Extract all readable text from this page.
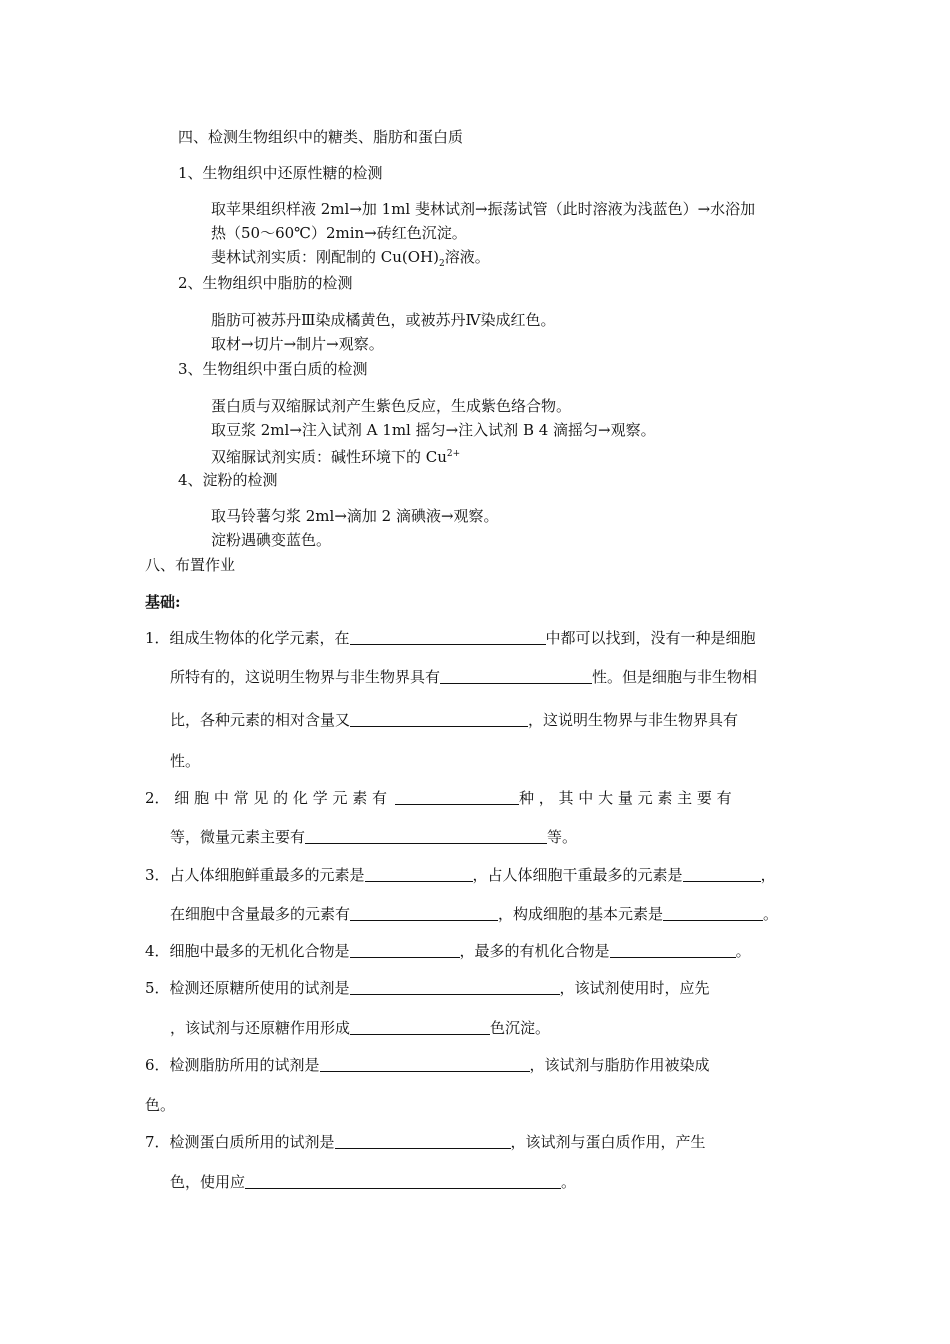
四、检测生物组织中的糖类、脂肪和蛋白质
1、生物组织中还原性糖的检测
取苹果组织样液 2ml→加 1ml 斐林试剂→振荡试管（此时溶液为浅蓝色）→水浴加
热（50～60℃）2min→砖红色沉淀。
斐林试剂实质：刚配制的 $Cu(OH)_2$溶液。
2、生物组织中脂肪的检测
脂肪可被苏丹Ⅲ染成橘黄色，或被苏丹Ⅳ染成红色。
取材→切片→制片→观察。
3、生物组织中蛋白质的检测
蛋白质与双缩脲试剂产生紫色反应，生成紫色络合物。
取豆浆 2ml→注入试剂 A 1ml 摇匀→注入试剂 B 4 滴摇匀→观察。
双缩脲试剂实质：碱性环境下的 $Cu^{2+}$
4、淀粉的检测
取马铃薯匀浆 2ml→滴加 2 滴碘液→观察。
淀粉遇碘变蓝色。
八、布置作业
基础:
1．组成生物体的化学元素，在	中都可以找到，没有一种是细胞
所特有的，这说明生物界与非生物界具有	性。但是细胞与非生物相
比，各种元素的相对含量又	，这说明生物界与非生物界具有
性。
2． 细 胞 中 常 见 的 化 学 元 素 有	种 ， 其 中 大 量 元 素 主 要 有
等，微量元素主要有	等。
3．占人体细胞鲜重最多的元素是	，占人体细胞干重最多的元素是	，
在细胞中含量最多的元素有	，构成细胞的基本元素是	。
4．细胞中最多的无机化合物是	，最多的有机化合物是	。
5．检测还原糖所使用的试剂是	，该试剂使用时，应先
，该试剂与还原糖作用形成	色沉淀。
6．检测脂肪所用的试剂是	，该试剂与脂肪作用被染成
色。
7．检测蛋白质所用的试剂是	，该试剂与蛋白质作用，产生
色，使用应	。
